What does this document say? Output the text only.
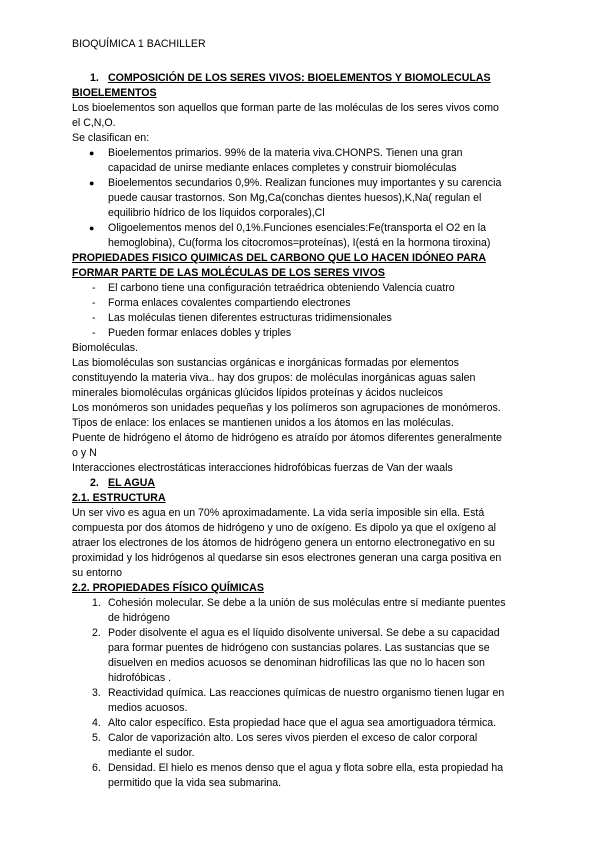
BIOQUÍMICA 1 BACHILLER
1. COMPOSICIÓN DE LOS SERES VIVOS: BIOELEMENTOS Y BIOMOLECULAS
BIOELEMENTOS
Los bioelementos son aquellos que forman parte de las moléculas de los seres vivos como
el C,N,O.
Se clasifican en:
● Bioelementos primarios. 99% de la materia viva.CHONPS. Tienen una gran
capacidad de unirse mediante enlaces completes y construir biomoléculas
● Bioelementos secundarios 0,9%. Realizan funciones muy importantes y su carencia
puede causar trastornos. Son Mg,Ca(conchas dientes huesos),K,Na( regulan el
equilibrio hídrico de los líquidos corporales),Cl
● Oligoelementos menos del 0,1%.Funciones esenciales:Fe(transporta el O2 en la
hemoglobina), Cu(forma los citocromos=proteínas), I(está en la hormona tiroxina)
PROPIEDADES FISICO QUIMICAS DEL CARBONO QUE LO HACEN IDÓNEO PARA
FORMAR PARTE DE LAS MOLÉCULAS DE LOS SERES VIVOS
- El carbono tiene una configuración tetraédrica obteniendo Valencia cuatro
- Forma enlaces covalentes compartiendo electrones
- Las moléculas tienen diferentes estructuras tridimensionales
- Pueden formar enlaces dobles y triples
Biomoléculas.
Las biomoléculas son sustancias orgánicas e inorgánicas formadas por elementos
constituyendo la materia viva.. hay dos grupos: de moléculas inorgánicas aguas salen
minerales biomoléculas orgánicas glúcidos lípidos proteínas y ácidos nucleicos
Los monómeros son unidades pequeñas y los polímeros son agrupaciones de monómeros.
Tipos de enlace: los enlaces se mantienen unidos a los átomos en las moléculas.
Puente de hidrógeno el átomo de hidrógeno es atraído por átomos diferentes generalmente
o y N
Interacciones electrostáticas interacciones hidrofóbicas fuerzas de Van der waals
2. EL AGUA
2.1. ESTRUCTURA
Un ser vivo es agua en un 70% aproximadamente. La vida sería imposible sin ella. Está
compuesta por dos átomos de hidrógeno y uno de oxígeno. Es dipolo ya que el oxígeno al
atraer los electrones de los átomos de hidrógeno genera un entorno electronegativo en su
proximidad y los hidrógenos al quedarse sin esos electrones generan una carga positiva en
su entorno
2.2. PROPIEDADES FÍSICO QUÍMICAS
1. Cohesión molecular. Se debe a la unión de sus moléculas entre sí mediante puentes
de hidrógeno
2. Poder disolvente el agua es el líquido disolvente universal. Se debe a su capacidad
para formar puentes de hidrógeno con sustancias polares. Las sustancias que se
disuelven en medios acuosos se denominan hidrofílicas las que no lo hacen son
hidrofóbicas .
3. Reactividad química. Las reacciones químicas de nuestro organismo tienen lugar en
medios acuosos.
4. Alto calor específico. Esta propiedad hace que el agua sea amortiguadora térmica.
5. Calor de vaporización alto. Los seres vivos pierden el exceso de calor corporal
mediante el sudor.
6. Densidad. El hielo es menos denso que el agua y flota sobre ella, esta propiedad ha
permitido que la vida sea submarina.
